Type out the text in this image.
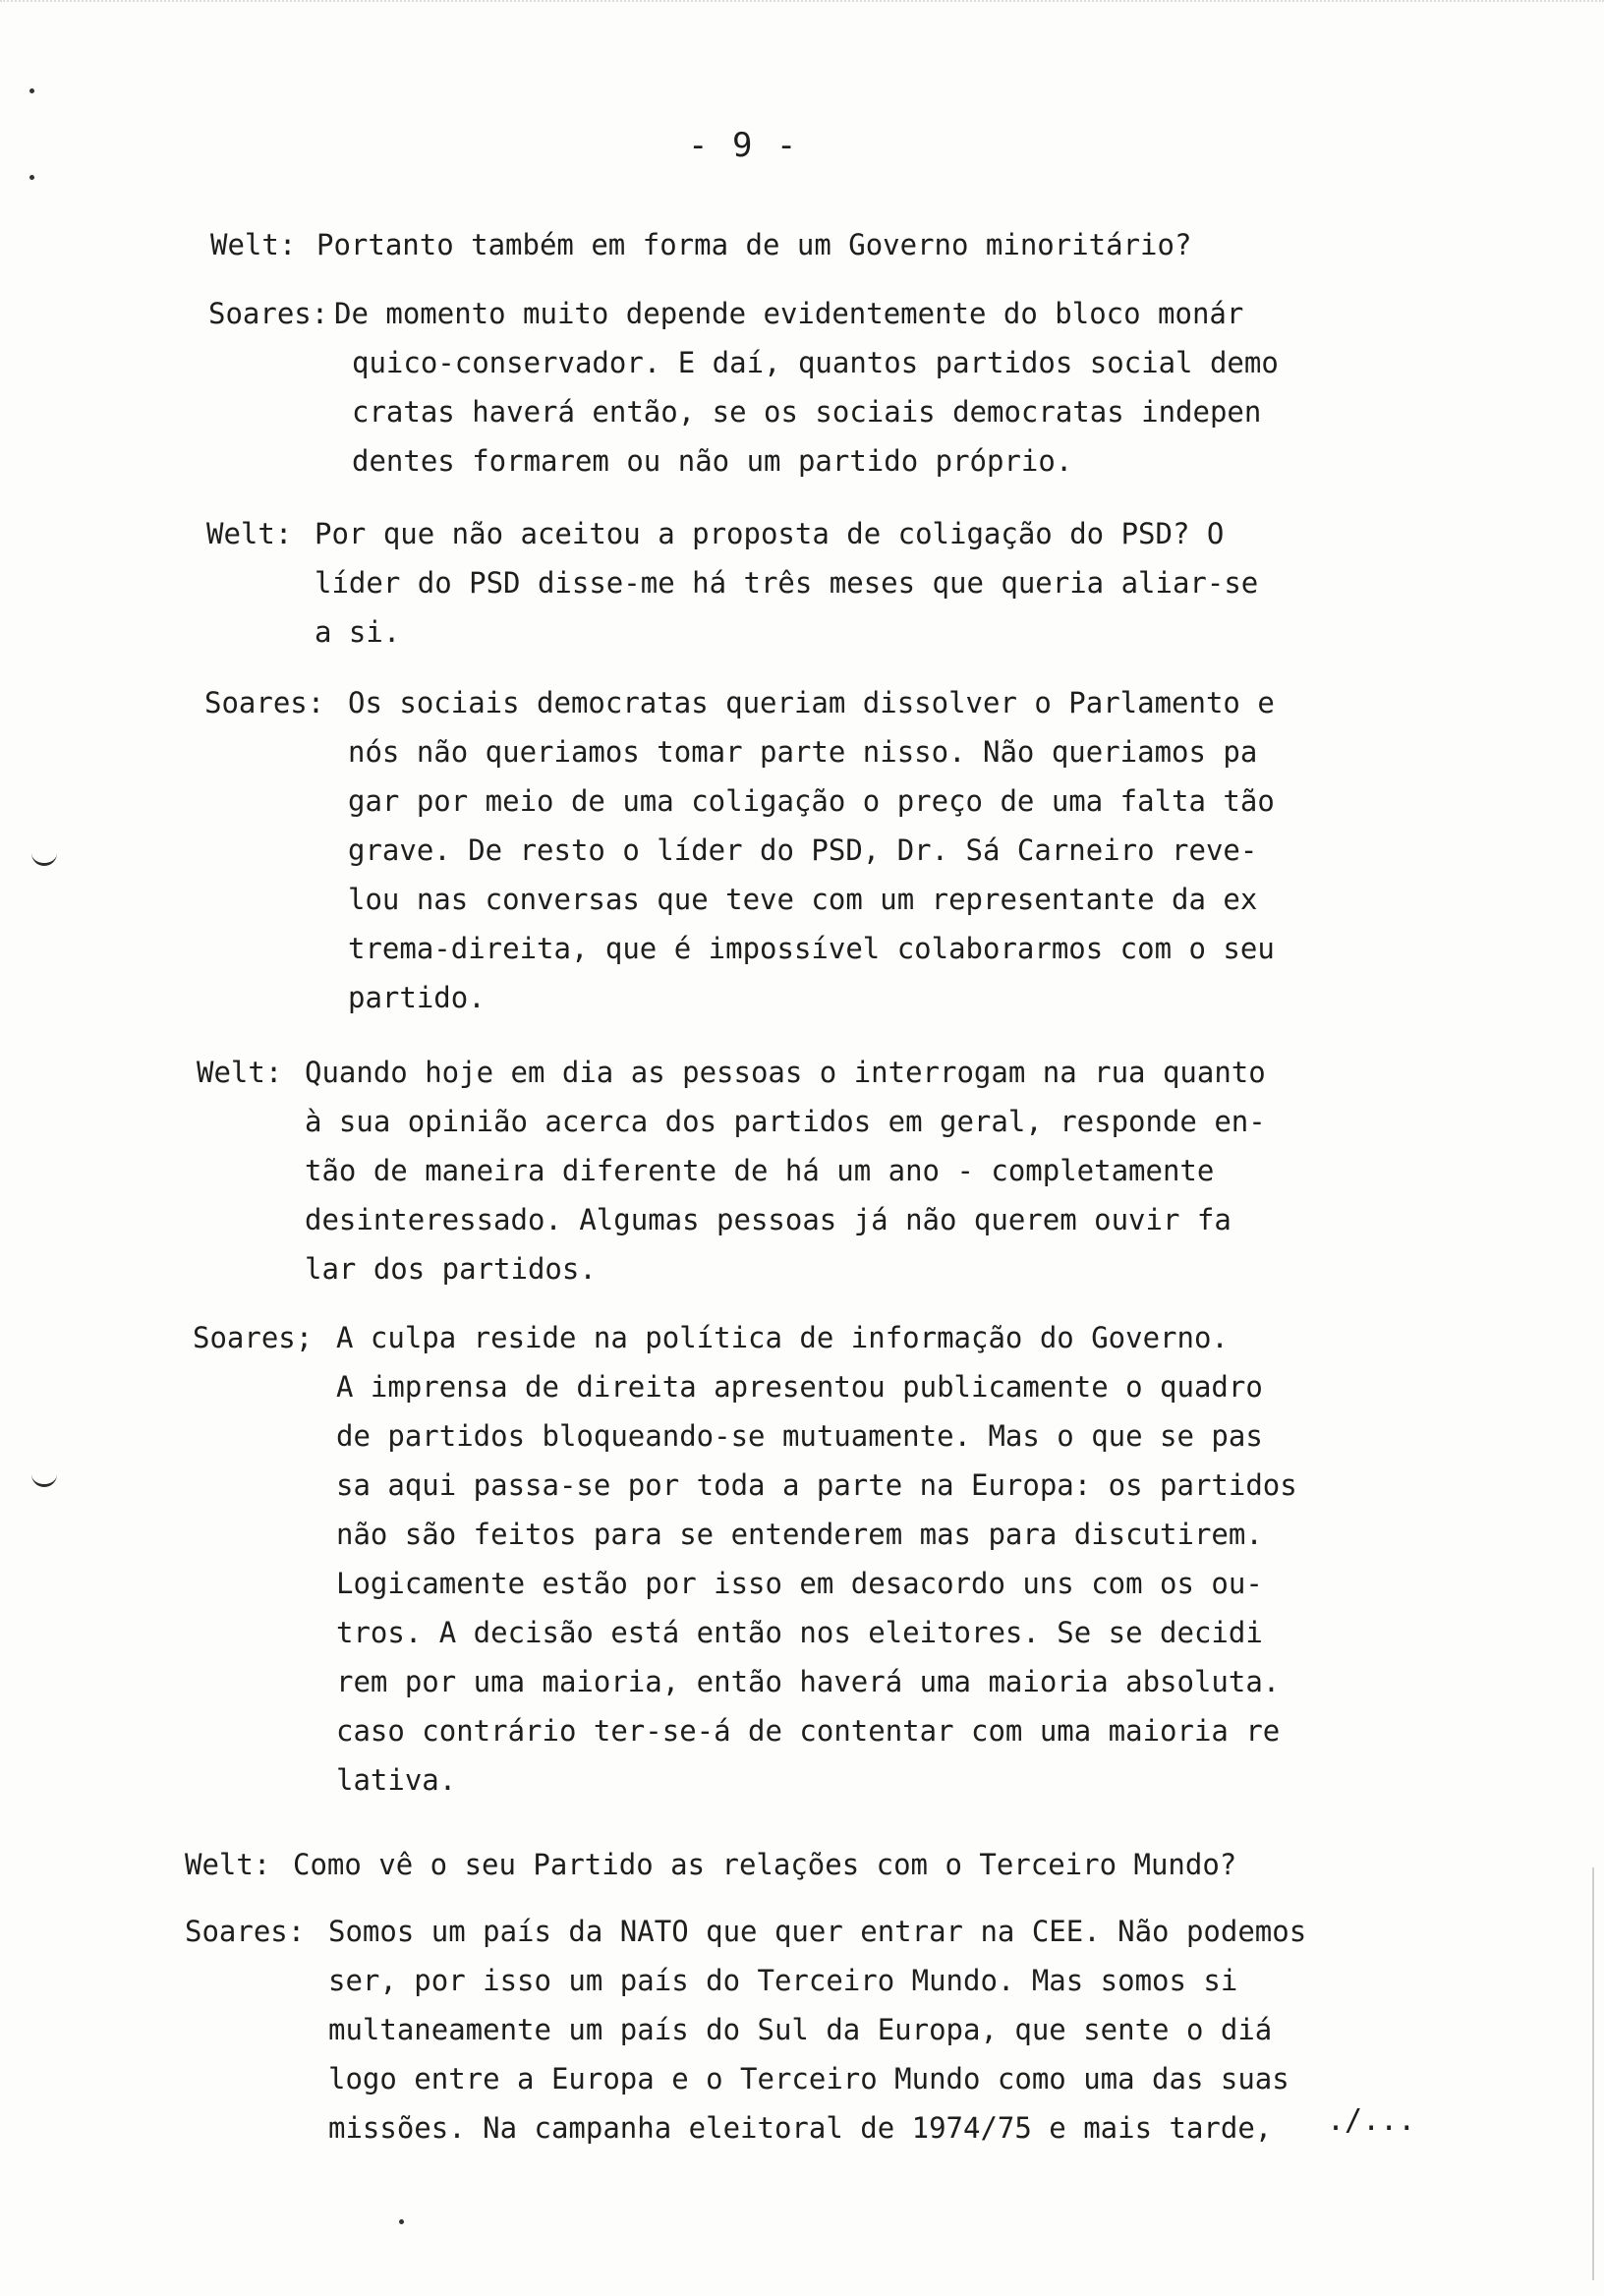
- 9 -
Welt: Portanto também em forma de um Governo minoritário?
Soares: De momento muito depende evidentemente do bloco monár
quico-conservador. E daí, quantos partidos social demo
cratas haverá então, se os sociais democratas indepen
dentes formarem ou não um partido próprio.
Welt: Por que não aceitou a proposta de coligação do PSD? O
líder do PSD disse-me há três meses que queria aliar-se
a si.
Soares: Os sociais democratas queriam dissolver o Parlamento e
nós não queriamos tomar parte nisso. Não queriamos pa
gar por meio de uma coligação o preço de uma falta tão
grave. De resto o líder do PSD, Dr. Sá Carneiro reve-
lou nas conversas que teve com um representante da ex
trema-direita, que é impossível colaborarmos com o seu
partido.
Welt: Quando hoje em dia as pessoas o interrogam na rua quanto
à sua opinião acerca dos partidos em geral, responde en-
tão de maneira diferente de há um ano - completamente
desinteressado. Algumas pessoas já não querem ouvir fa
lar dos partidos.
Soares; A culpa reside na política de informação do Governo.
A imprensa de direita apresentou publicamente o quadro
de partidos bloqueando-se mutuamente. Mas o que se pas
sa aqui passa-se por toda a parte na Europa: os partidos
não são feitos para se entenderem mas para discutirem.
Logicamente estão por isso em desacordo uns com os ou-
tros. A decisão está então nos eleitores. Se se decidi
rem por uma maioria, então haverá uma maioria absoluta.
caso contrário ter-se-á de contentar com uma maioria re
lativa.
Welt: Como vê o seu Partido as relações com o Terceiro Mundo?
Soares: Somos um país da NATO que quer entrar na CEE. Não podemos
ser, por isso um país do Terceiro Mundo. Mas somos si
multaneamente um país do Sul da Europa, que sente o diá
logo entre a Europa e o Terceiro Mundo como uma das suas
missões. Na campanha eleitoral de 1974/75 e mais tarde,	./...
